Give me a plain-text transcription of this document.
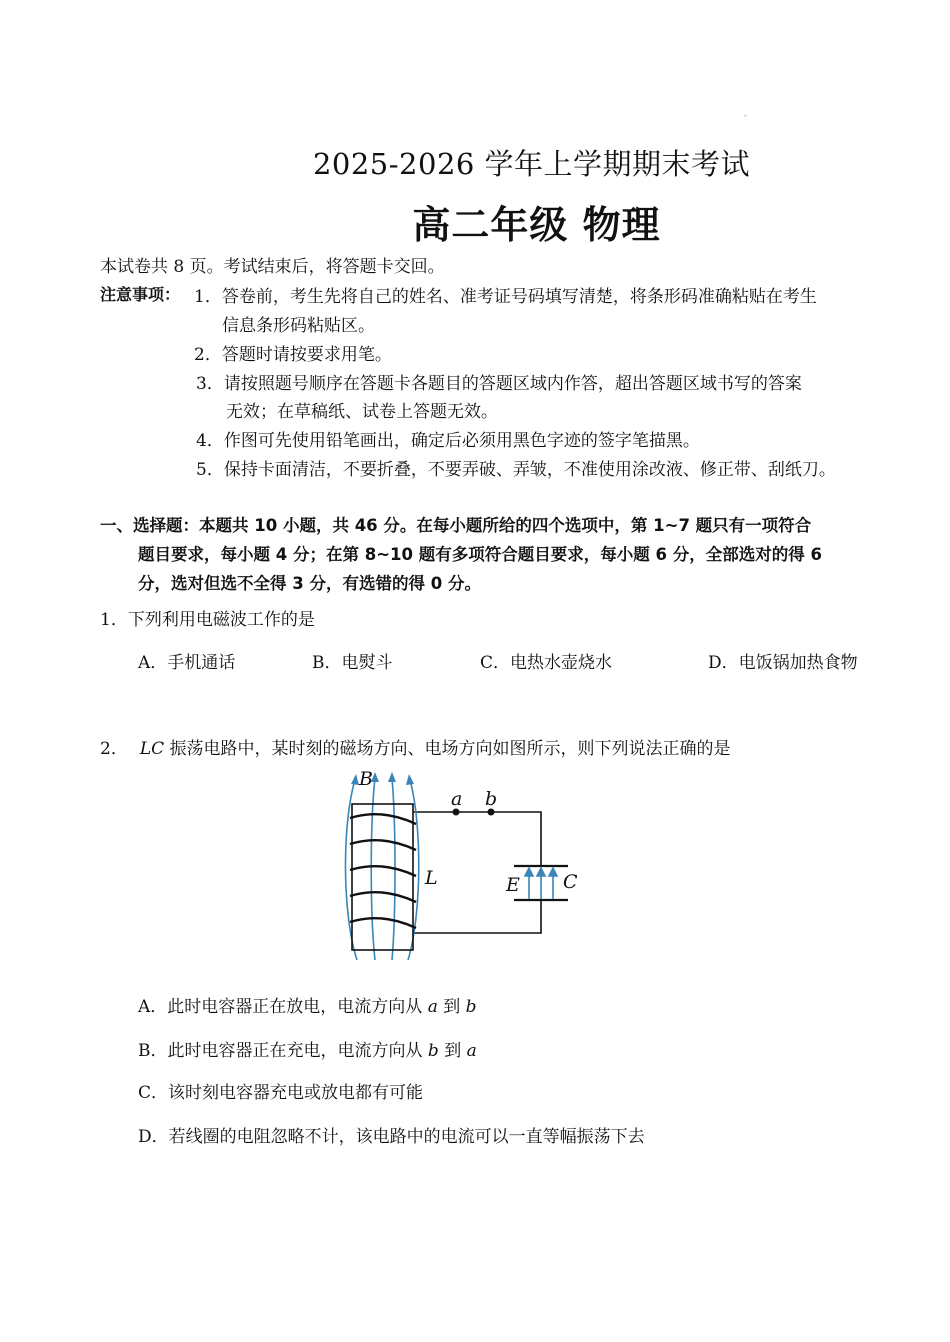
。
2025-2026 学年上学期期末考试
高二年级 物理
本试卷共 8 页。考试结束后，将答题卡交回。
注意事项： 1．答卷前，考生先将自己的姓名、准考证号码填写清楚，将条形码准确粘贴在考生
信息条形码粘贴区。
2．答题时请按要求用笔。
3．请按照题号顺序在答题卡各题目的答题区域内作答，超出答题区域书写的答案
无效；在草稿纸、试卷上答题无效。
4．作图可先使用铅笔画出，确定后必须用黑色字迹的签字笔描黑。
5．保持卡面清洁，不要折叠，不要弄破、弄皱，不准使用涂改液、修正带、刮纸刀。
一、选择题：本题共 10 小题，共 46 分。在每小题所给的四个选项中，第 1~7 题只有一项符合
题目要求，每小题 4 分；在第 8~10 题有多项符合题目要求，每小题 6 分，全部选对的得 6
分，选对但选不全得 3 分，有选错的得 0 分。
1．下列利用电磁波工作的是
A．手机通话	B．电熨斗	C．电热水壶烧水	D．电饭锅加热食物
2． LC 振荡电路中，某时刻的磁场方向、电场方向如图所示，则下列说法正确的是
B
a b
L	E C
A．此时电容器正在放电，电流方向从 a 到 b
B．此时电容器正在充电，电流方向从 b 到 a
C．该时刻电容器充电或放电都有可能
D．若线圈的电阻忽略不计，该电路中的电流可以一直等幅振荡下去
